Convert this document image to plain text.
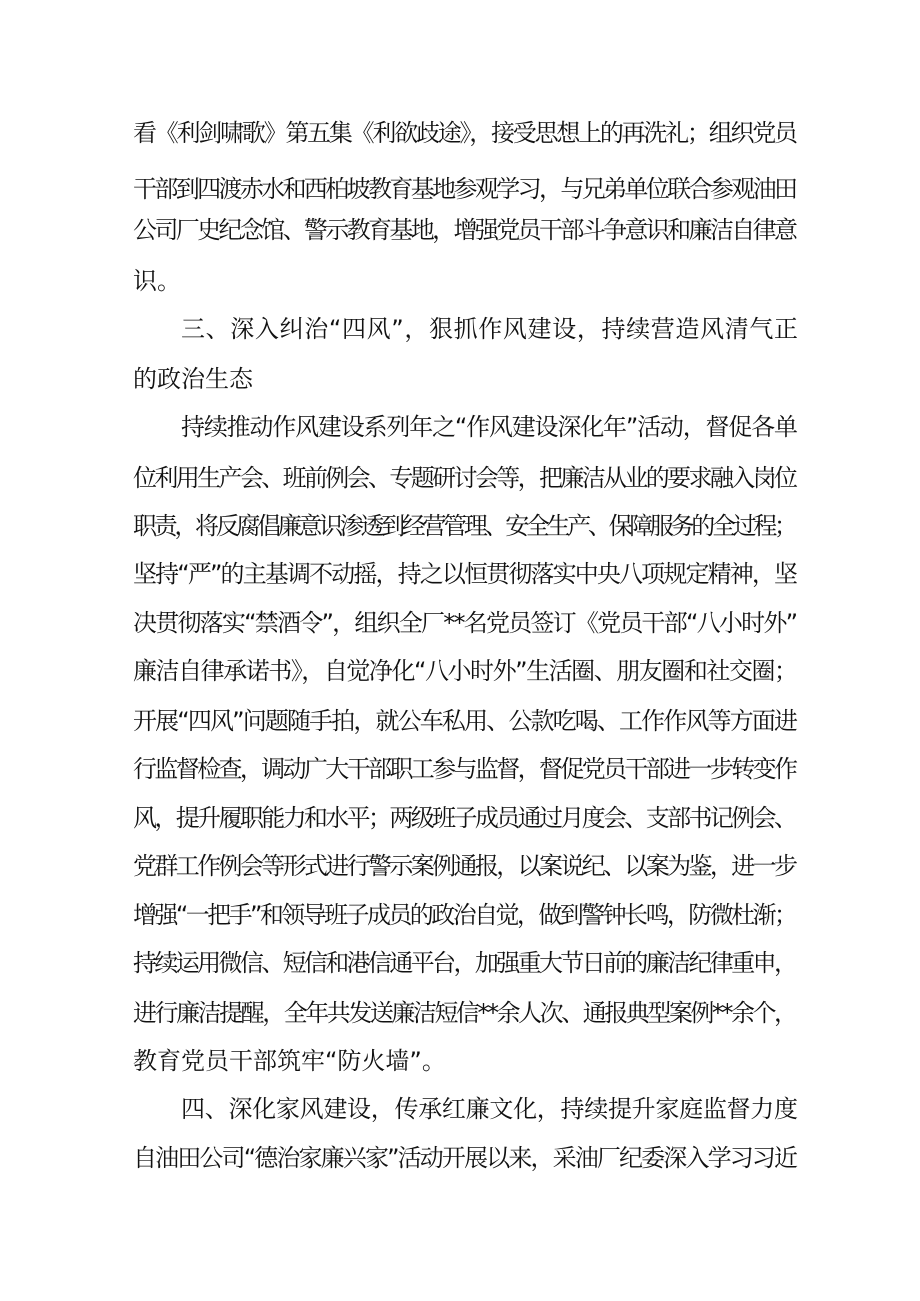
看《利剑啸歌》第五集《利欲歧途》，接受思想上的再洗礼；组织党员
干部到四渡赤水和西柏坡教育基地参观学习，与兄弟单位联合参观油田
公司厂史纪念馆、警示教育基地，增强党员干部斗争意识和廉洁自律意
识。
三、深入纠治“四风”，狠抓作风建设，持续营造风清气正
的政治生态
持续推动作风建设系列年之“作风建设深化年”活动，督促各单
位利用生产会、班前例会、专题研讨会等，把廉洁从业的要求融入岗位
职责，将反腐倡廉意识渗透到经营管理、安全生产、保障服务的全过程；
坚持“严”的主基调不动摇，持之以恒贯彻落实中央八项规定精神，坚
决贯彻落实“禁酒令”，组织全厂**名党员签订《党员干部“八小时外”
廉洁自律承诺书》，自觉净化“八小时外”生活圈、朋友圈和社交圈；
开展“四风”问题随手拍，就公车私用、公款吃喝、工作作风等方面进
行监督检查，调动广大干部职工参与监督，督促党员干部进一步转变作
风，提升履职能力和水平；两级班子成员通过月度会、支部书记例会、
党群工作例会等形式进行警示案例通报，以案说纪、以案为鉴，进一步
增强“一把手”和领导班子成员的政治自觉，做到警钟长鸣，防微杜渐；
持续运用微信、短信和港信通平台，加强重大节日前的廉洁纪律重申，
进行廉洁提醒，全年共发送廉洁短信**余人次、通报典型案例**余个，
教育党员干部筑牢“防火墙”。
四、深化家风建设，传承红廉文化，持续提升家庭监督力度
自油田公司“德治家廉兴家”活动开展以来，采油厂纪委深入学习习近
